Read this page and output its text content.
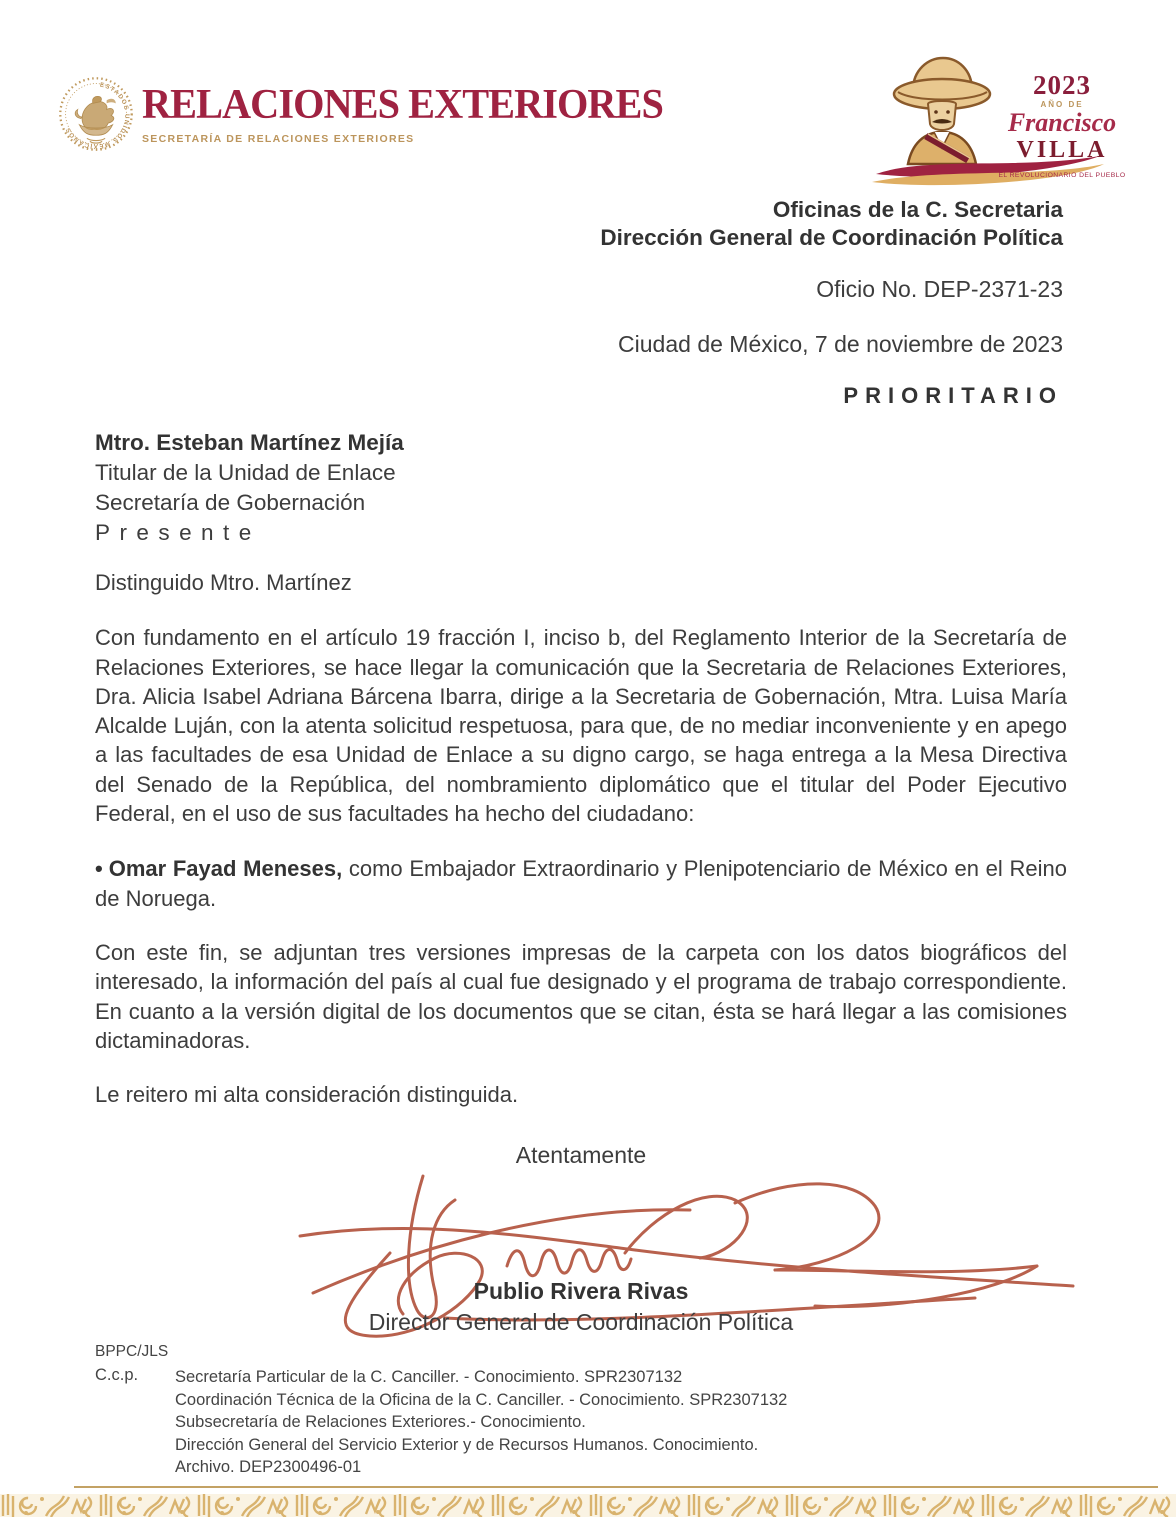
ESTADOS UNIDOS MEXICANOS
RELACIONES EXTERIORES
SECRETARÍA DE RELACIONES EXTERIORES
2023
AÑO DE
Francisco
VILLA
EL REVOLUCIONARIO DEL PUEBLO
Oficinas de la C. Secretaria
Dirección General de Coordinación Política
Oficio No. DEP-2371-23
Ciudad de México, 7 de noviembre de 2023
PRIORITARIO
Mtro. Esteban Martínez Mejía
Titular de la Unidad de Enlace
Secretaría de Gobernación
Presente

Distinguido Mtro. Martínez

Con fundamento en el artículo 19 fracción I, inciso b, del Reglamento Interior de la Secretaría de Relaciones Exteriores, se hace llegar la comunicación que la Secretaria de Relaciones Exteriores, Dra. Alicia Isabel Adriana Bárcena Ibarra, dirige a la Secretaria de Gobernación, Mtra. Luisa María Alcalde Luján, con la atenta solicitud respetuosa, para que, de no mediar inconveniente y en apego a las facultades de esa Unidad de Enlace a su digno cargo, se haga entrega a la Mesa Directiva del Senado de la República, del nombramiento diplomático que el titular del Poder Ejecutivo Federal, en el uso de sus facultades ha hecho del ciudadano:

• Omar Fayad Meneses, como Embajador Extraordinario y Plenipotenciario de México en el Reino de Noruega.

Con este fin, se adjuntan tres versiones impresas de la carpeta con los datos biográficos del interesado, la información del país al cual fue designado y el programa de trabajo correspondiente. En cuanto a la versión digital de los documentos que se citan, ésta se hará llegar a las comisiones dictaminadoras.

Le reitero mi alta consideración distinguida.

Atentamente
Publio Rivera Rivas
Director General de Coordinación Política
BPPC/JLS
C.c.p.	Secretaría Particular de la C. Canciller. - Conocimiento. SPR2307132
Coordinación Técnica de la Oficina de la C. Canciller. - Conocimiento. SPR2307132
Subsecretaría de Relaciones Exteriores.- Conocimiento.
Dirección General del Servicio Exterior y de Recursos Humanos. Conocimiento.
Archivo. DEP2300496-01
